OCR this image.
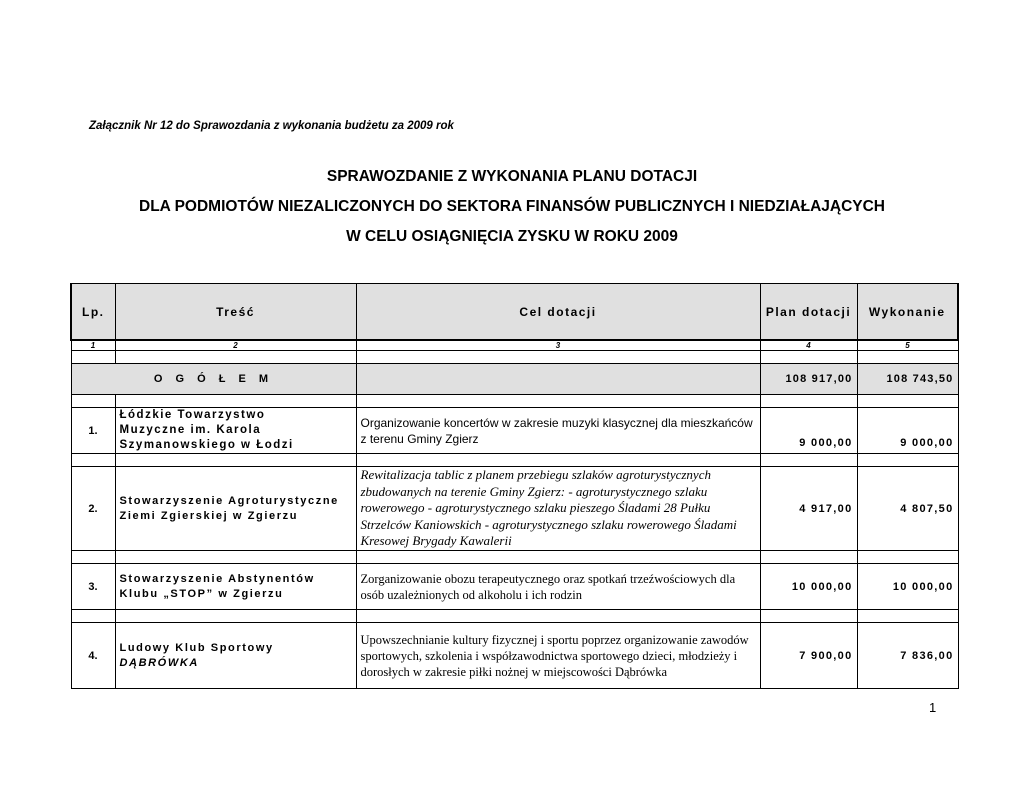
Załącznik Nr 12 do Sprawozdania z wykonania budżetu za 2009 rok
SPRAWOZDANIE Z WYKONANIA PLANU DOTACJI
DLA PODMIOTÓW NIEZALICZONYCH DO SEKTORA FINANSÓW PUBLICZNYCH I NIEDZIAŁAJĄCYCH
W CELU OSIĄGNIĘCIA ZYSKU W ROKU 2009
Lp.	Treść	Cel dotacji	Plan dotacji	Wykonanie
1	2	3	4	5

O G Ó Ł E M			108 917,00	108 743,50

1.	Łódzkie Towarzystwo
Muzyczne im. Karola
Szymanowskiego w Łodzi	Organizowanie koncertów w zakresie muzyki klasycznej dla mieszkańców z terenu Gminy Zgierz	9 000,00	9 000,00

2.	Stowarzyszenie Agroturystyczne
Ziemi Zgierskiej w Zgierzu	Rewitalizacja tablic z planem przebiegu szlaków agroturystycznych zbudowanych na terenie Gminy Zgierz: - agroturystycznego szlaku rowerowego - agroturystycznego szlaku pieszego Śladami 28 Pułku Strzelców Kaniowskich - agroturystycznego szlaku rowerowego Śladami Kresowej Brygady Kawalerii	4 917,00	4 807,50

3.	Stowarzyszenie Abstynentów
Klubu „STOP” w Zgierzu	Zorganizowanie obozu terapeutycznego oraz spotkań trzeźwościowych dla osób uzależnionych od alkoholu i ich rodzin	10 000,00	10 000,00

4.	Ludowy Klub Sportowy
DĄBRÓWKA	Upowszechnianie kultury fizycznej i sportu poprzez organizowanie zawodów sportowych, szkolenia i współzawodnictwa sportowego dzieci, młodzieży i dorosłych w zakresie piłki nożnej w miejscowości Dąbrówka	7 900,00	7 836,00
1
